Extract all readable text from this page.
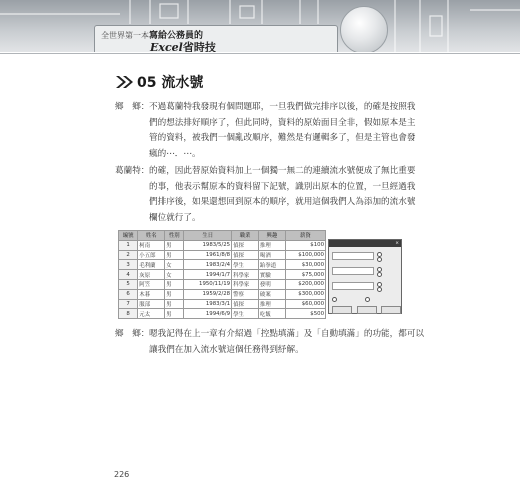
全世界第一本寫給公務員的
Excel省時技
05 流水號
鄉　鄉： 不過葛蘭特我發現有個問題耶，一旦我們做完排序以後，的確是按照我
們的想法排好順序了，但此同時，資料的原始面目全非，假如原本是主
管的資料，被我們一個亂改順序，難然是有邏輯多了，但是主管也會發
瘋的⋯．⋯。
葛蘭特： 的確，因此替原始資料加上一個獨一無二的連續流水號便成了無比重要
的事，他表示幫原本的資料留下記號，識別出原本的位置，一旦經過我
們排序後，如果還想回到原本的順序，就用這個我們人為添加的流水號
欄位就行了。
編號	姓名	性別	生日	職業	興趣	薪資
1	柯南	男	1983/5/25	偵探	推理	$100
2	小五郎	男	1961/8/8	偵探	喝酒	$100,000
3	毛利蘭	女	1983/2/4	學生	跆拳道	$30,000
4	灰原	女	1994/1/7	科學家	實驗	$75,000
5	阿笠	男	1950/11/19	科學家	發明	$200,000
6	木暮	男	1959/2/28	警察	破案	$300,000
7	服部	男	1983/3/1	偵探	推理	$60,000
8	元太	男	1994/6/9	學生	吃飯	$500
×
鄉　鄉： 嗯我記得在上一章有介紹過「控點填滿」及「自動填滿」的功能，都可以
讓我們在加入流水號這個任務得到紓解。
226
